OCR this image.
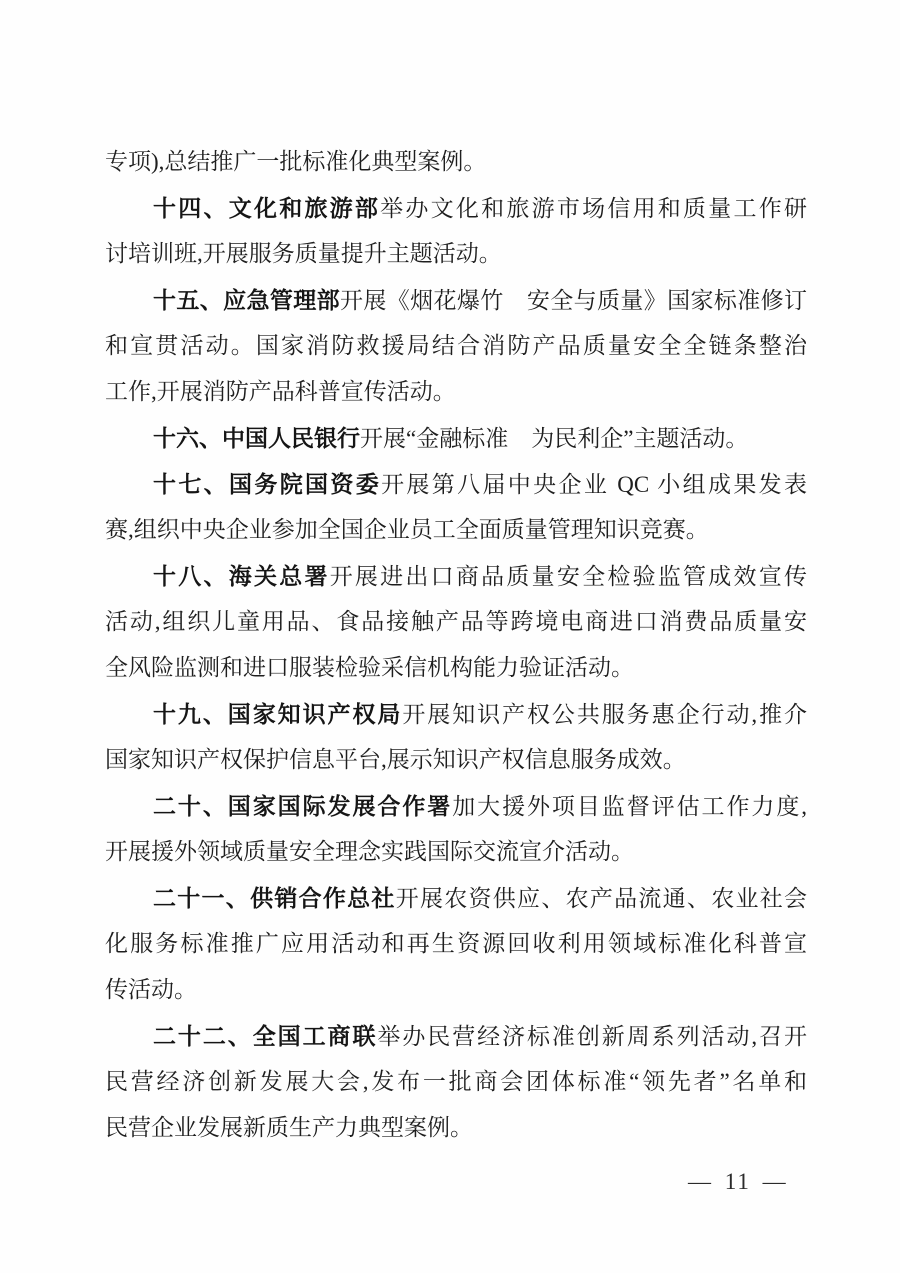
专项),总结推广一批标准化典型案例。
十四、文化和旅游部举办文化和旅游市场信用和质量工作研
讨培训班,开展服务质量提升主题活动。
十五、应急管理部开展《烟花爆竹　安全与质量》国家标准修订
和宣贯活动。国家消防救援局结合消防产品质量安全全链条整治
工作,开展消防产品科普宣传活动。
十六、中国人民银行开展“金融标准　为民利企”主题活动。
十七、国务院国资委开展第八届中央企业 QC 小组成果发表
赛,组织中央企业参加全国企业员工全面质量管理知识竞赛。
十八、海关总署开展进出口商品质量安全检验监管成效宣传
活动,组织儿童用品、食品接触产品等跨境电商进口消费品质量安
全风险监测和进口服装检验采信机构能力验证活动。
十九、国家知识产权局开展知识产权公共服务惠企行动,推介
国家知识产权保护信息平台,展示知识产权信息服务成效。
二十、国家国际发展合作署加大援外项目监督评估工作力度,
开展援外领域质量安全理念实践国际交流宣介活动。
二十一、供销合作总社开展农资供应、农产品流通、农业社会
化服务标准推广应用活动和再生资源回收利用领域标准化科普宣
传活动。
二十二、全国工商联举办民营经济标准创新周系列活动,召开
民营经济创新发展大会,发布一批商会团体标准“领先者”名单和
民营企业发展新质生产力典型案例。
— 11 —
